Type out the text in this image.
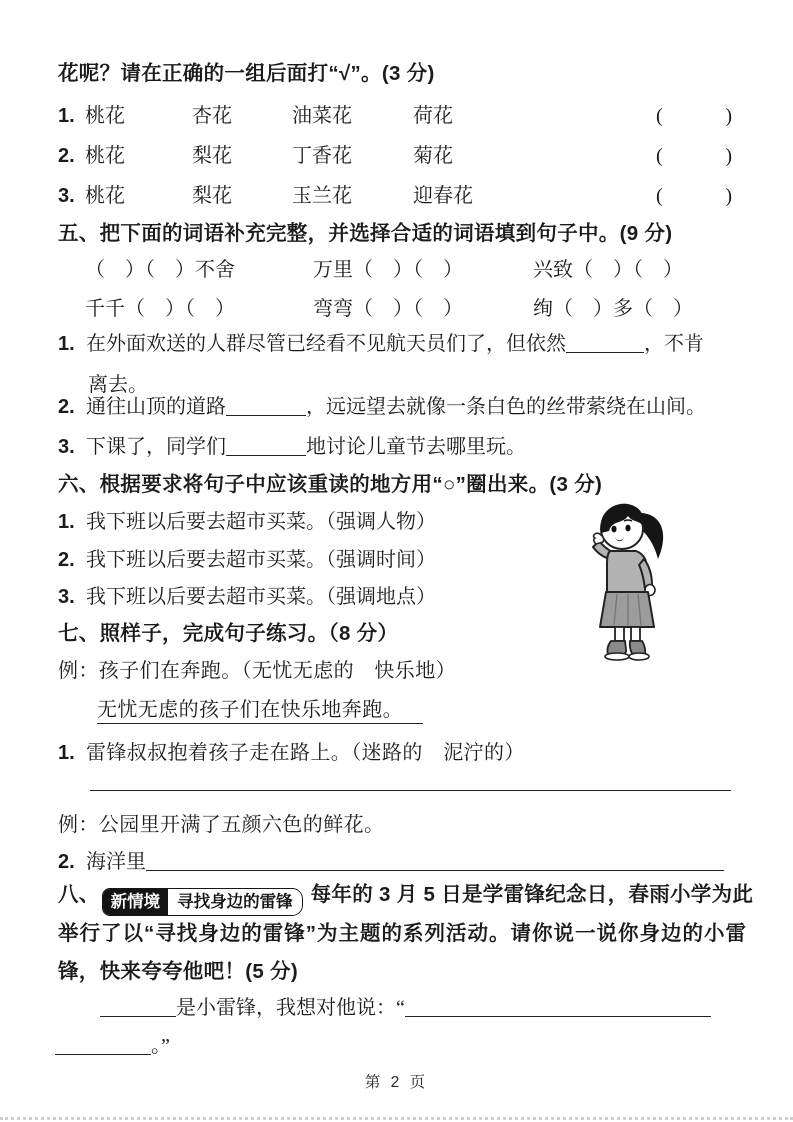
花呢？请在正确的一组后面打“√”。(3 分)
1. 桃花	杏花	油菜花	荷花	(	)
2. 桃花	梨花	丁香花	菊花	(	)
3. 桃花	梨花	玉兰花	迎春花	(	)
五、把下面的词语补充完整，并选择合适的词语填到句子中。(9 分)
（　）（　）不舍	万里（　）（　）	兴致（　）（　）
千千（　）（　）	弯弯（　）（　）	绚（　）多（　）
1. 在外面欢送的人群尽管已经看不见航天员们了，但依然	，不肯
离去。
2. 通往山顶的道路	，远远望去就像一条白色的丝带萦绕在山间。
3. 下课了，同学们	地讨论儿童节去哪里玩。
六、根据要求将句子中应该重读的地方用“○”圈出来。(3 分)
1. 我下班以后要去超市买菜。（强调人物）
2. 我下班以后要去超市买菜。（强调时间）
3. 我下班以后要去超市买菜。（强调地点）
七、照样子，完成句子练习。（8 分）
例：孩子们在奔跑。（无忧无虑的　快乐地）
无忧无虑的孩子们在快乐地奔跑。
1. 雷锋叔叔抱着孩子走在路上。（迷路的　泥泞的）
例：公园里开满了五颜六色的鲜花。
2. 海洋里
八、 新情境	寻找身边的雷锋 每年的 3 月 5 日是学雷锋纪念日，春雨小学为此
举行了以“寻找身边的雷锋”为主题的系列活动。请你说一说你身边的小雷
锋，快来夸夸他吧！(5 分)
是小雷锋，我想对他说：“
。”
第 2 页
